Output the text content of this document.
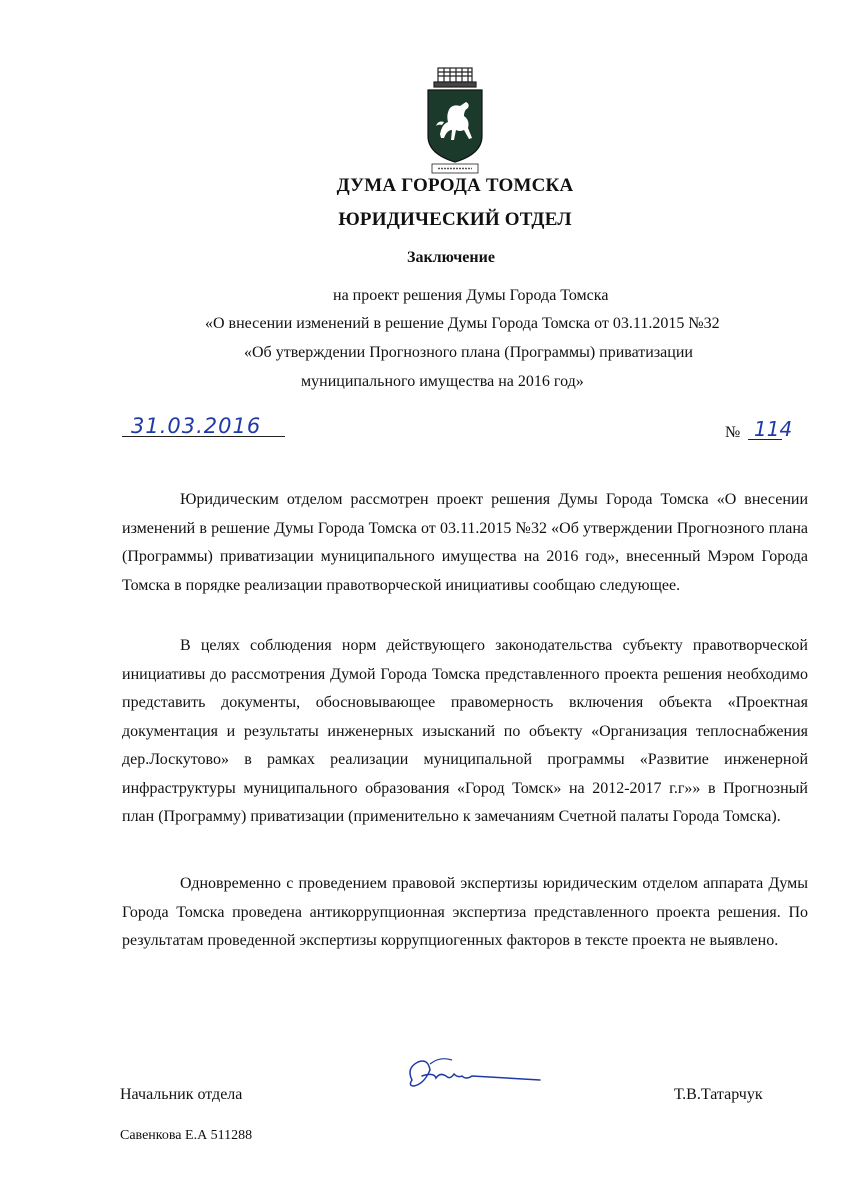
ДУМА ГОРОДА ТОМСКА
ЮРИДИЧЕСКИЙ ОТДЕЛ
Заключение
на проект решения Думы Города Томска
«О внесении изменений в решение Думы Города Томска от 03.11.2015 №32
«Об утверждении Прогнозного плана (Программы) приватизации
муниципального имущества на 2016 год»
31.03.2016	№ 114

Юридическим отделом рассмотрен проект решения Думы Города Томска «О внесении изменений в решение Думы Города Томска от 03.11.2015 №32 «Об утверждении Прогнозного плана (Программы) приватизации муниципального имущества на 2016 год», внесенный Мэром Города Томска в порядке реализации правотворческой инициативы сообщаю следующее.

В целях соблюдения норм действующего законодательства субъекту правотворческой инициативы до рассмотрения Думой Города Томска представленного проекта решения необходимо представить документы, обосновывающее правомерность включения объекта «Проектная документация и результаты инженерных изысканий по объекту «Организация теплоснабжения дер.Лоскутово» в рамках реализации муниципальной программы «Развитие инженерной инфраструктуры муниципального образования «Город Томск» на 2012-2017 г.г»» в Прогнозный план (Программу) приватизации (применительно к замечаниям Счетной палаты Города Томска).

Одновременно с проведением правовой экспертизы юридическим отделом аппарата Думы Города Томска проведена антикоррупционная экспертиза представленного проекта решения. По результатам проведенной экспертизы коррупциогенных факторов в тексте проекта не выявлено.

Начальник отдела	Т.В.Татарчук
Савенкова Е.А 511288
